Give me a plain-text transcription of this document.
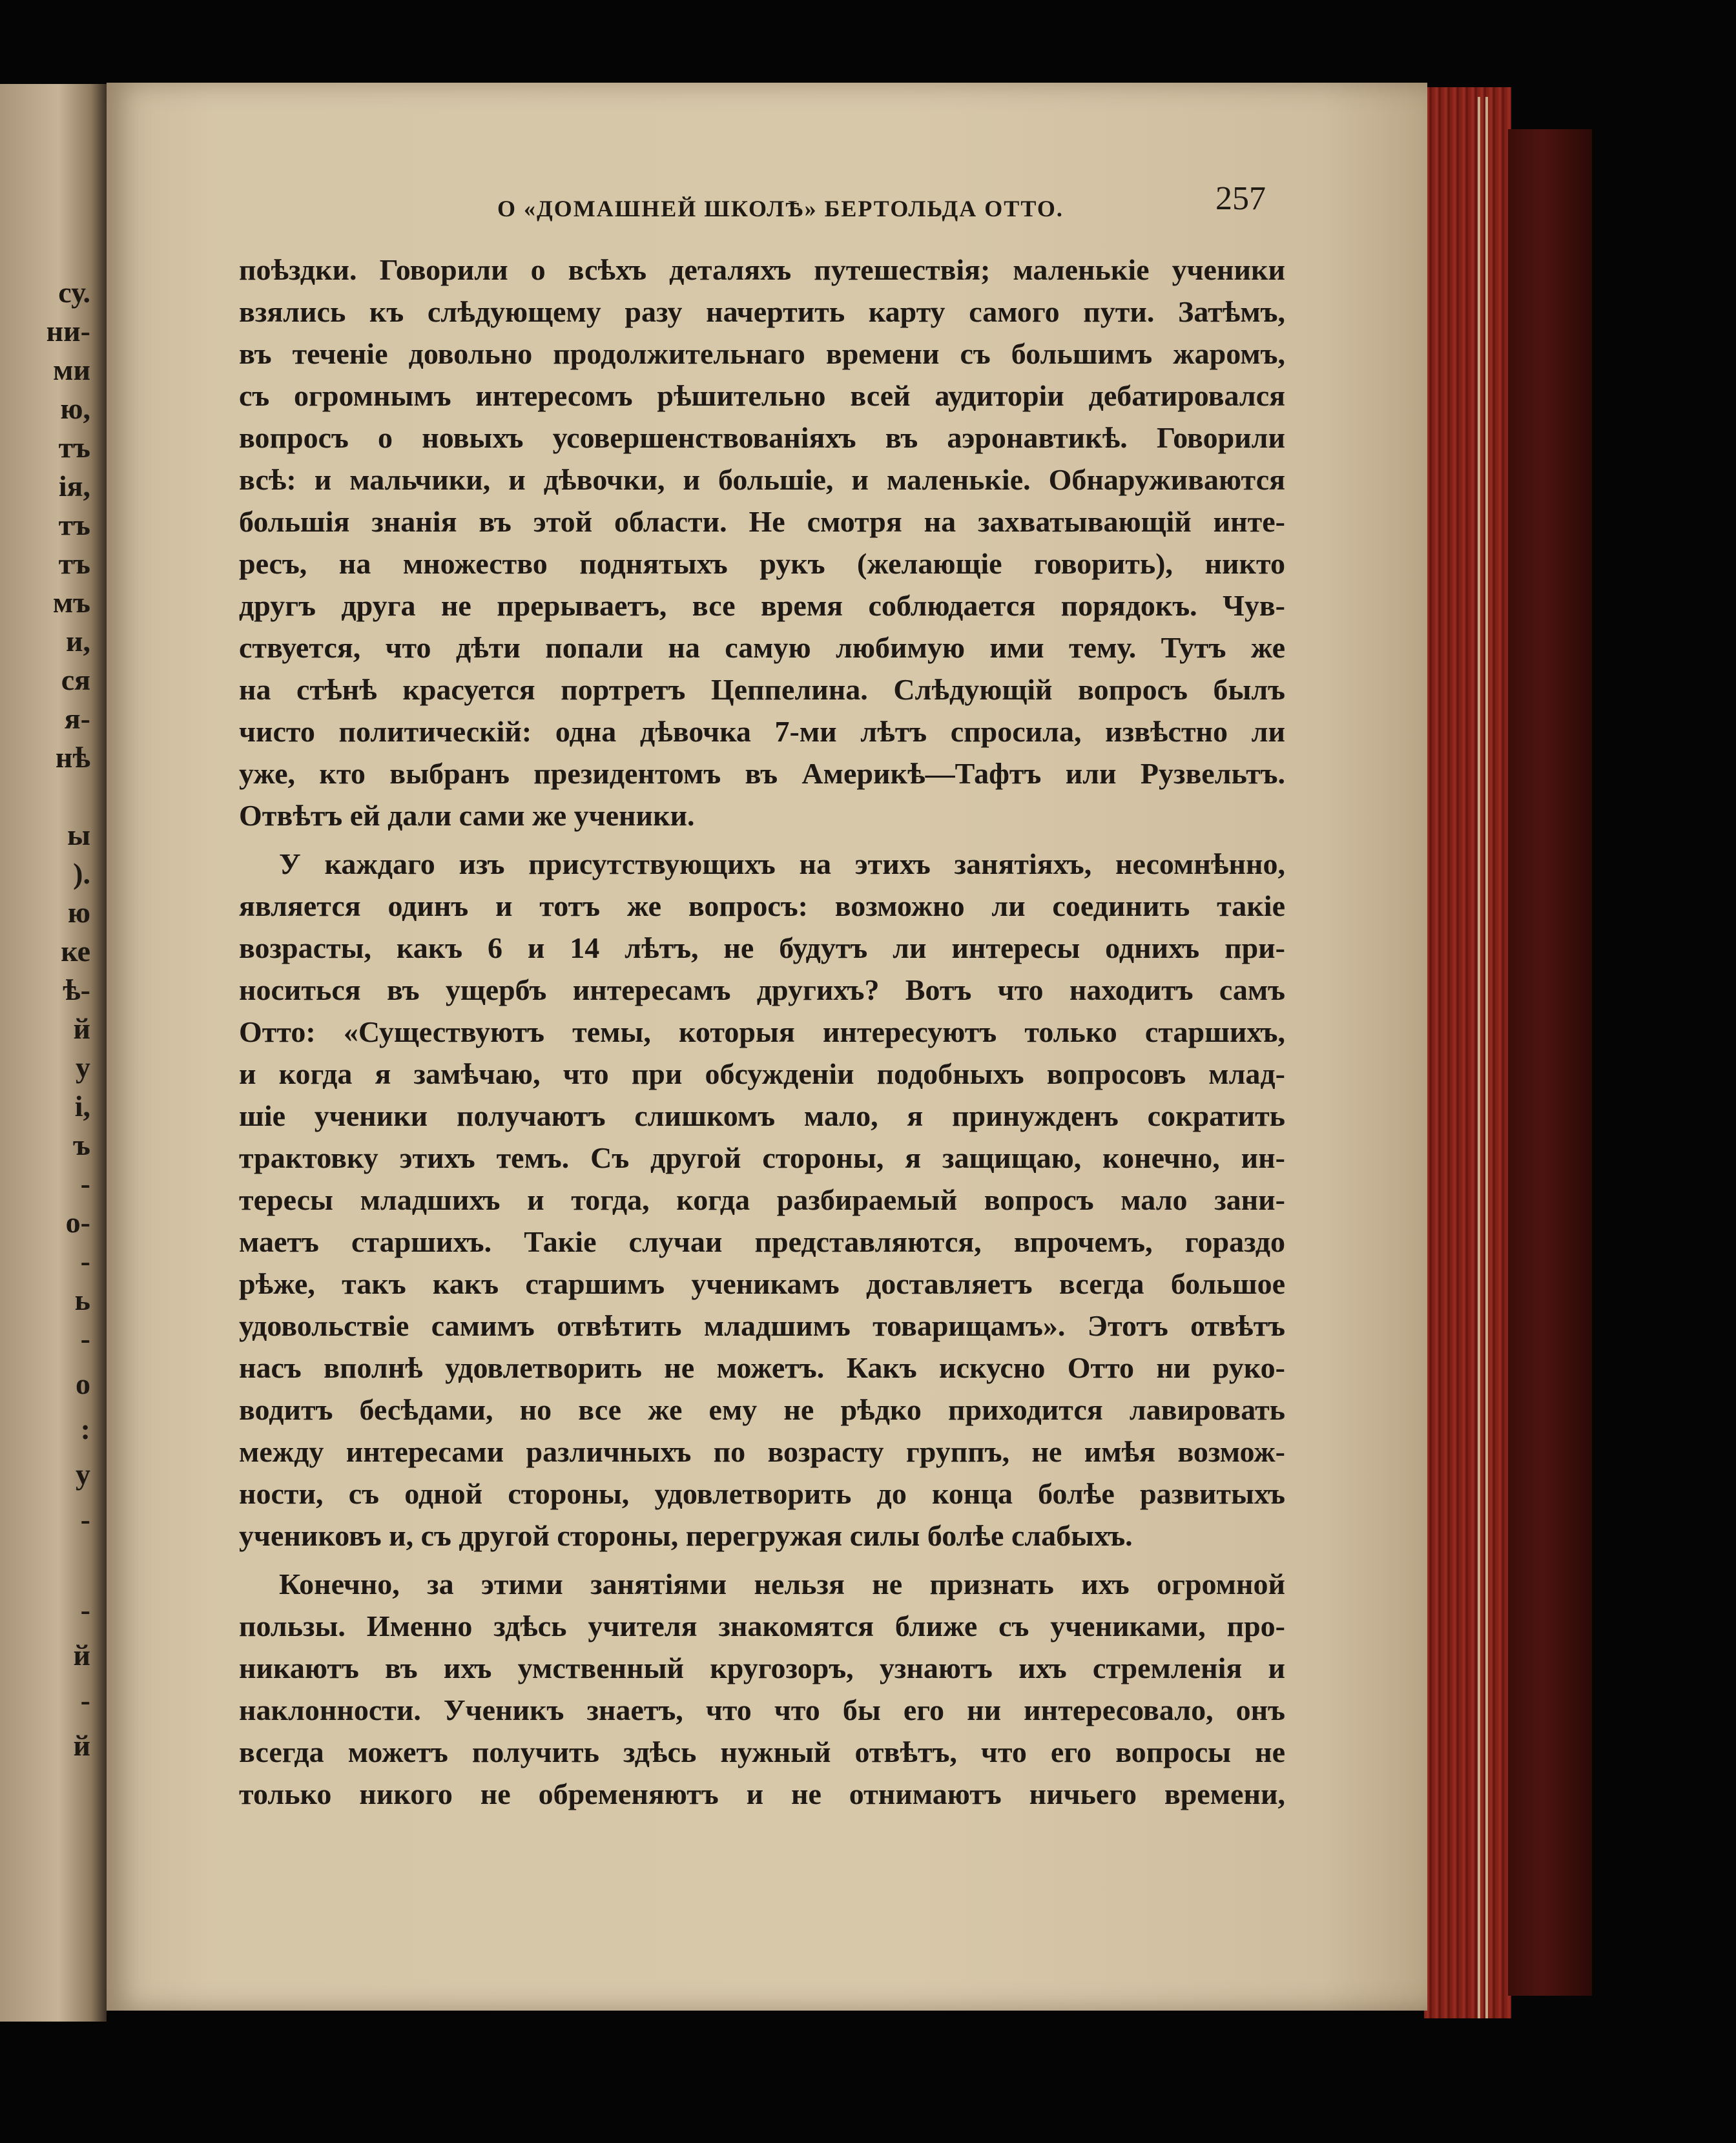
су.
ни-
ми
ю,
тъ
ія,
тъ
тъ
мъ
и,
ся
я-
нѣ
ы
).
ю
ке
ѣ-
й
у
і,
ъ
-
о-
-
ь
-
о
:
у
-
-
й
-
й
О «ДОМАШНЕЙ ШКОЛѢ» БЕРТОЛЬДА ОТТО.	257
поѣздки. Говорили о всѣхъ деталяхъ путешествія; маленькіе ученики
взялись къ слѣдующему разу начертить карту самого пути. Затѣмъ,
въ теченіе довольно продолжительнаго времени съ большимъ жаромъ,
съ огромнымъ интересомъ рѣшительно всей аудиторіи дебатировался
вопросъ о новыхъ усовершенствованіяхъ въ аэронавтикѣ. Говорили
всѣ: и мальчики, и дѣвочки, и большіе, и маленькіе. Обнаруживаются
большія знанія въ этой области. Не смотря на захватывающій инте-
ресъ, на множество поднятыхъ рукъ (желающіе говорить), никто
другъ друга не прерываетъ, все время соблюдается порядокъ. Чув-
ствуется, что дѣти попали на самую любимую ими тему. Тутъ же
на стѣнѣ красуется портретъ Цеппелина. Слѣдующій вопросъ былъ
чисто политическій: одна дѣвочка 7-ми лѣтъ спросила, извѣстно ли
уже, кто выбранъ президентомъ въ Америкѣ—Тафтъ или Рузвельтъ.
Отвѣтъ ей дали сами же ученики.
У каждаго изъ присутствующихъ на этихъ занятіяхъ, несомнѣнно,
является одинъ и тотъ же вопросъ: возможно ли соединить такіе
возрасты, какъ 6 и 14 лѣтъ, не будутъ ли интересы однихъ при-
носиться въ ущербъ интересамъ другихъ? Вотъ что находитъ самъ
Отто: «Существуютъ темы, которыя интересуютъ только старшихъ,
и когда я замѣчаю, что при обсужденіи подобныхъ вопросовъ млад-
шіе ученики получаютъ слишкомъ мало, я принужденъ сократить
трактовку этихъ темъ. Съ другой стороны, я защищаю, конечно, ин-
тересы младшихъ и тогда, когда разбираемый вопросъ мало зани-
маетъ старшихъ. Такіе случаи представляются, впрочемъ, гораздо
рѣже, такъ какъ старшимъ ученикамъ доставляетъ всегда большое
удовольствіе самимъ отвѣтить младшимъ товарищамъ». Этотъ отвѣтъ
насъ вполнѣ удовлетворить не можетъ. Какъ искусно Отто ни руко-
водитъ бесѣдами, но все же ему не рѣдко приходится лавировать
между интересами различныхъ по возрасту группъ, не имѣя возмож-
ности, съ одной стороны, удовлетворить до конца болѣе развитыхъ
учениковъ и, съ другой стороны, перегружая силы болѣе слабыхъ.
Конечно, за этими занятіями нельзя не признать ихъ огромной
пользы. Именно здѣсь учителя знакомятся ближе съ учениками, про-
никаютъ въ ихъ умственный кругозоръ, узнаютъ ихъ стремленія и
наклонности. Ученикъ знаетъ, что что бы его ни интересовало, онъ
всегда можетъ получить здѣсь нужный отвѣтъ, что его вопросы не
только никого не обременяютъ и не отнимаютъ ничьего времени,
